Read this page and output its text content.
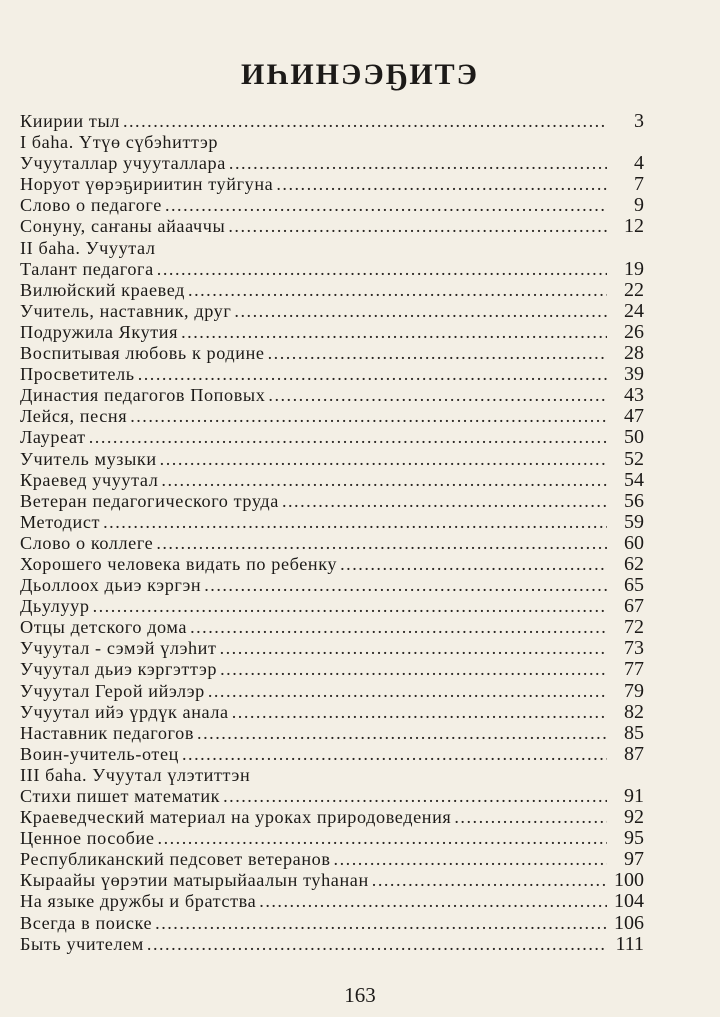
ИҺИНЭЭҔИТЭ
Киирии тыл .....	3
I баһа. Үтүө сүбэһиттэр
Учууталлар учууталлара .....	4
Норуот үөрэҕириитин туйгуна .....	7
Слово о педагоге .....	9
Сонуну, саҥаны айааччы .....	12
II баһа. Учуутал
Талант педагога .....	19
Вилюйский краевед .....	22
Учитель, наставник, друг .....	24
Подружила Якутия .....	26
Воспитывая любовь к родине .....	28
Просветитель .....	39
Династия педагогов Поповых .....	43
Лейся, песня .....	47
Лауреат .....	50
Учитель музыки .....	52
Краевед учуутал .....	54
Ветеран педагогического труда .....	56
Методист .....	59
Слово о коллеге .....	60
Хорошего человека видать по ребенку .....	62
Дьоллоох дьиэ кэргэн .....	65
Дьулуур .....	67
Отцы детского дома .....	72
Учуутал - сэмэй үлэһит .....	73
Учуутал дьиэ кэргэттэр .....	77
Учуутал Герой ийэлэр .....	79
Учуутал ийэ үрдүк анала .....	82
Наставник педагогов .....	85
Воин-учитель-отец .....	87
III баһа. Учуутал үлэтиттэн
Стихи пишет математик .....	91
Краеведческий материал на уроках природоведения .....	92
Ценное пособие .....	95
Республиканский педсовет ветеранов .....	97
Кыраайы үөрэтии матырыйаалын туһанан .....	100
На языке дружбы и братства .....	104
Всегда в поиске .....	106
Быть учителем .....	111
163
